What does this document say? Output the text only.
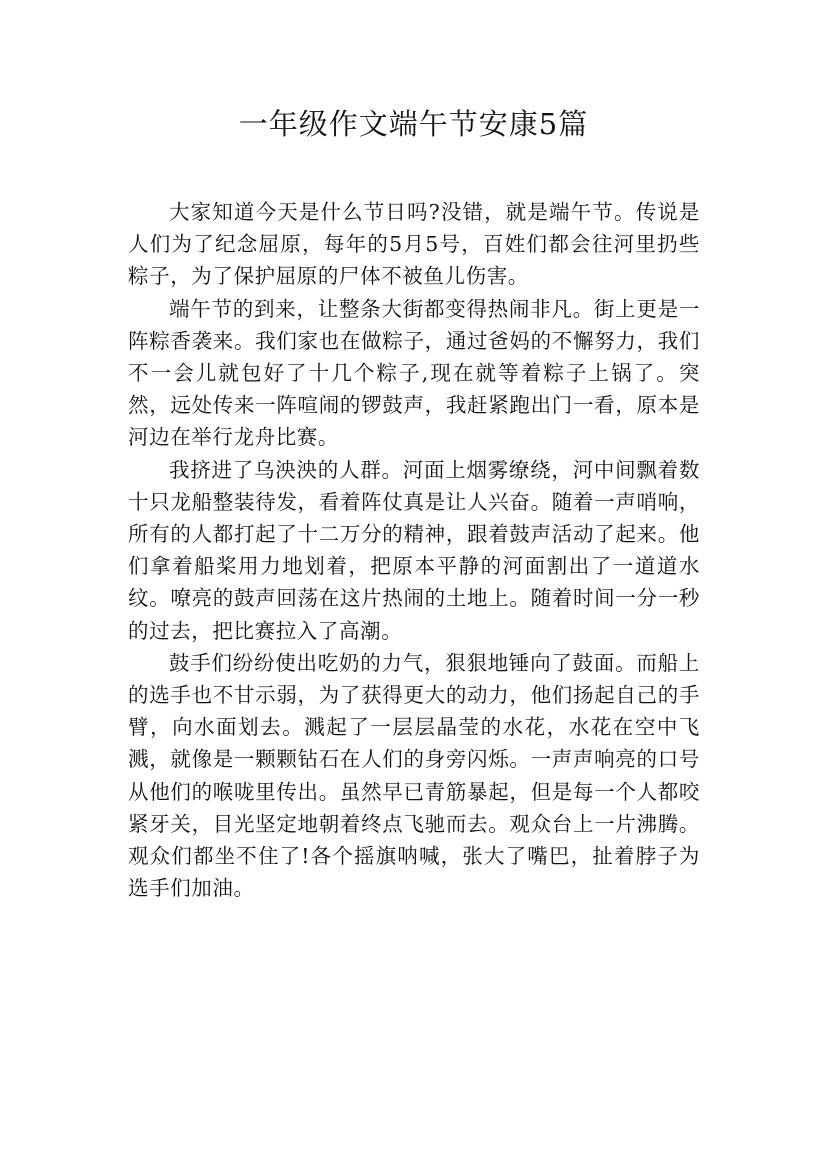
一年级作文端午节安康5篇

大家知道今天是什么节日吗?没错，就是端午节。传说是人们为了纪念屈原，每年的5月5号，百姓们都会往河里扔些粽子，为了保护屈原的尸体不被鱼儿伤害。

端午节的到来，让整条大街都变得热闹非凡。街上更是一阵粽香袭来。我们家也在做粽子，通过爸妈的不懈努力，我们不一会儿就包好了十几个粽子,现在就等着粽子上锅了。突然，远处传来一阵喧闹的锣鼓声，我赶紧跑出门一看，原本是河边在举行龙舟比赛。

我挤进了乌泱泱的人群。河面上烟雾缭绕，河中间飘着数十只龙船整装待发，看着阵仗真是让人兴奋。随着一声哨响，所有的人都打起了十二万分的精神，跟着鼓声活动了起来。他们拿着船桨用力地划着，把原本平静的河面割出了一道道水纹。嘹亮的鼓声回荡在这片热闹的土地上。随着时间一分一秒的过去，把比赛拉入了高潮。

鼓手们纷纷使出吃奶的力气，狠狠地锤向了鼓面。而船上的选手也不甘示弱，为了获得更大的动力，他们扬起自己的手臂，向水面划去。溅起了一层层晶莹的水花，水花在空中飞溅，就像是一颗颗钻石在人们的身旁闪烁。一声声响亮的口号从他们的喉咙里传出。虽然早已青筋暴起，但是每一个人都咬紧牙关，目光坚定地朝着终点飞驰而去。观众台上一片沸腾。观众们都坐不住了!各个摇旗呐喊，张大了嘴巴，扯着脖子为选手们加油。
